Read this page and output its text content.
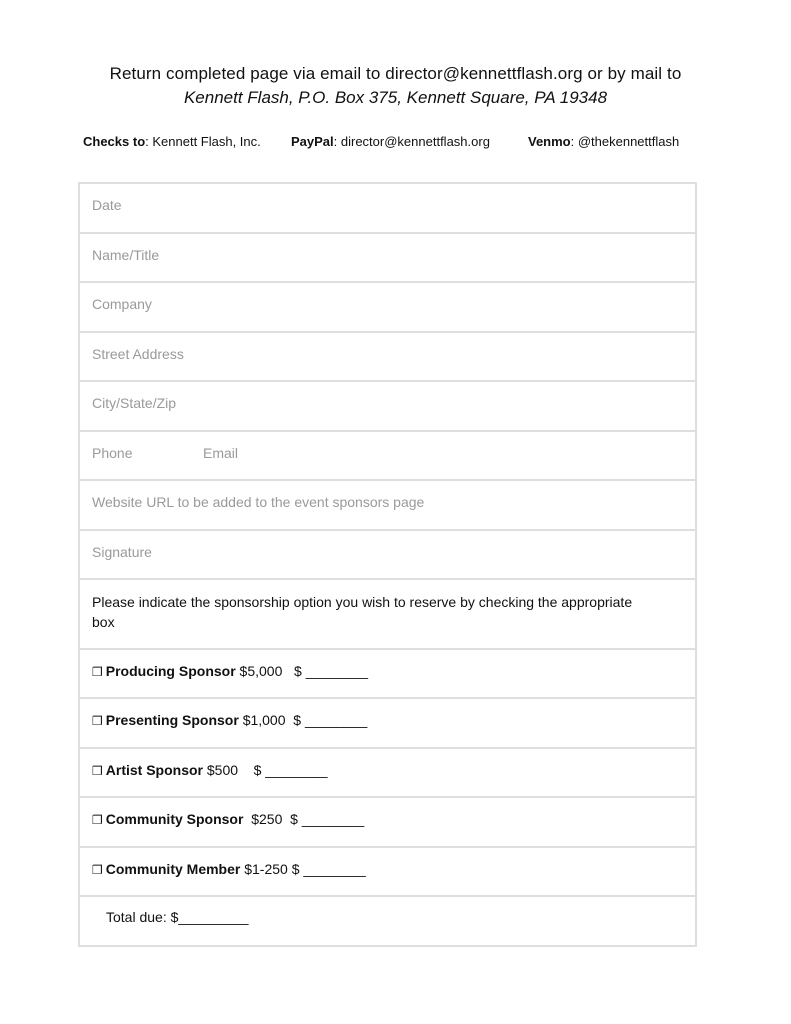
Return completed page via email to director@kennettflash.org or by mail to
Kennett Flash, P.O. Box 375, Kennett Square, PA 19348
Checks to: Kennett Flash, Inc. PayPal: director@kennettflash.org	Venmo: @thekennettflash
Date
Name/Title
Company
Street Address
City/State/Zip
Phone	Email
Website URL to be added to the event sponsors page
Signature
Please indicate the sponsorship option you wish to reserve by checking the appropriate box
❒ Producing Sponsor $5,000 $ ________
❒ Presenting Sponsor $1,000 $ ________
❒ Artist Sponsor $500 $ ________
❒ Community Sponsor $250 $ ________
❒ Community Member $1-250 $ ________
Total due: $_________
